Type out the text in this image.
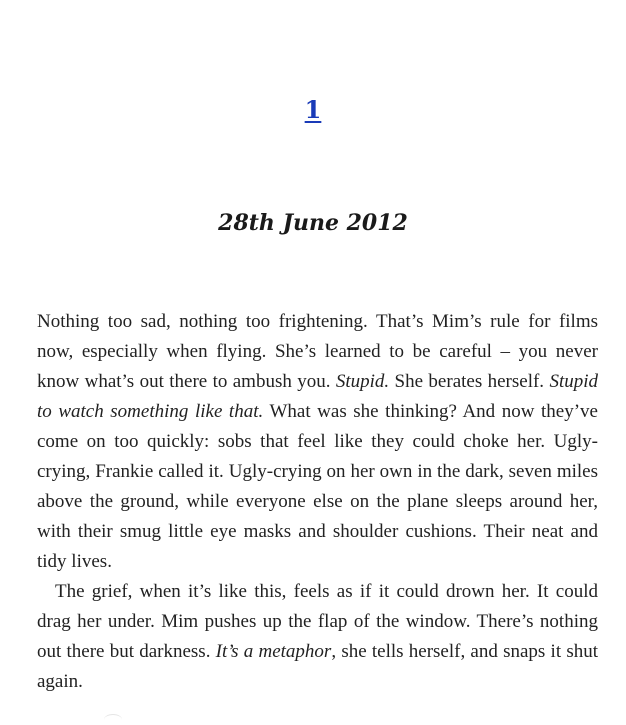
1
28th June 2012

Nothing too sad, nothing too frightening. That’s Mim’s rule for films now, especially when flying. She’s learned to be careful – you never know what’s out there to ambush you. Stupid. She berates herself. Stupid to watch something like that. What was she thinking? And now they’ve come on too quickly: sobs that feel like they could choke her. Ugly-crying, Frankie called it. Ugly-crying on her own in the dark, seven miles above the ground, while everyone else on the plane sleeps around her, with their smug little eye masks and shoulder cushions. Their neat and tidy lives.

The grief, when it’s like this, feels as if it could drown her. It could drag her under. Mim pushes up the flap of the window. There’s nothing out there but darkness. It’s a metaphor, she tells herself, and snaps it shut again.
